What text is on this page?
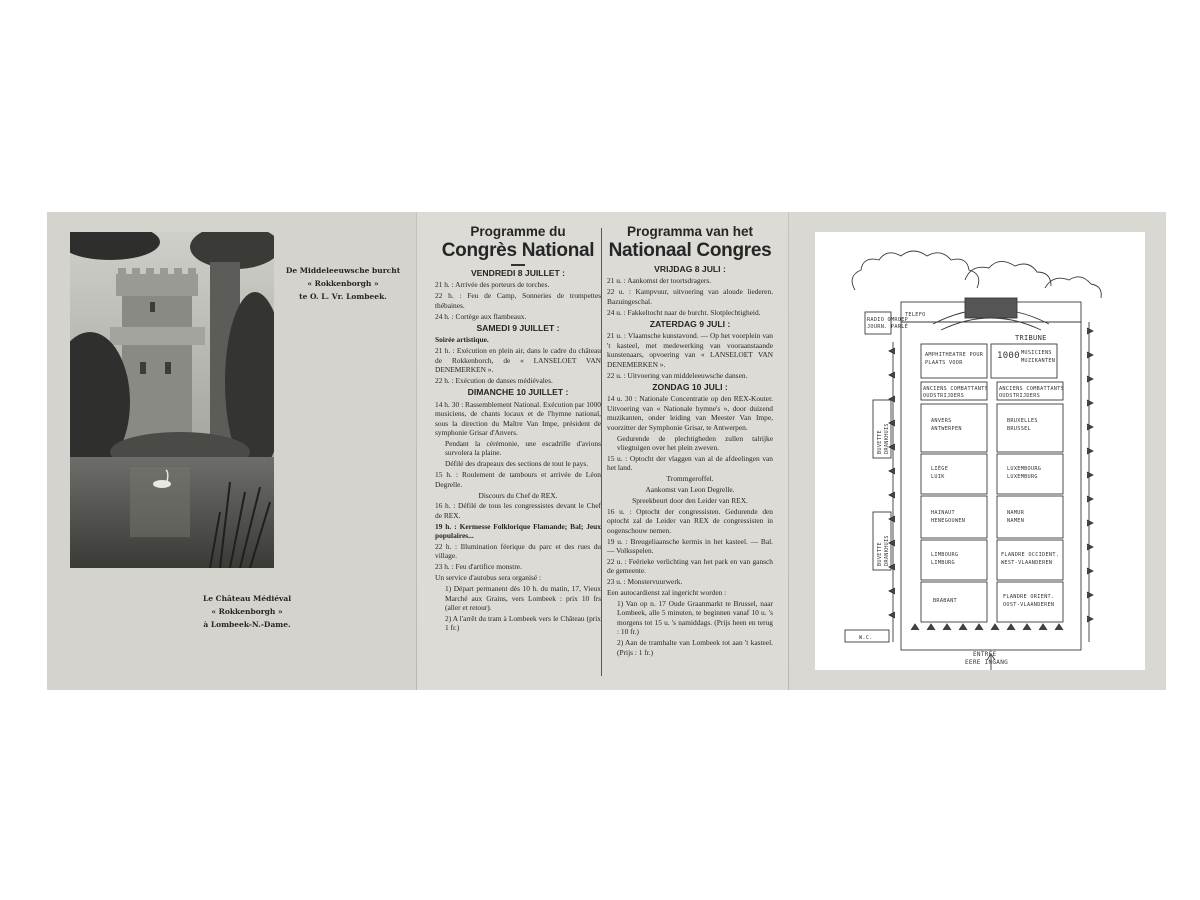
De Middeleeuwsche burcht
« Rokkenborgh »
te O. L. Vr. Lombeek.
Le Château Médiéval
« Rokkenborgh »
à Lombeek-N.-Dame.
Programme du
Congrès National
VENDREDI 8 JUILLET :
21 h. : Arrivée des porteurs de torches.
22 h. : Feu de Camp, Sonneries de trompettes thébaines.
24 h. : Cortège aux flambeaux.
SAMEDI 9 JUILLET :
Soirée artistique.
21 h. : Exécution en plein air, dans le cadre du château de Rokkenborch, de « LANSELOET VAN DENEMERKEN ».
22 h. : Exécution de danses médiévales.
DIMANCHE 10 JUILLET :
14 h. 30 : Rassemblement National. Exécution par 1000 musiciens, de chants locaux et de l'hymne national, sous la direction du Maître Van Impe, président de symphonie Grisar d'Anvers.
Pendant la cérémonie, une escadrille d'avions survolera la plaine.
Défilé des drapeaux des sections de tout le pays.
15 h. : Roulement de tambours et arrivée de Léon Degrelle.
Discours du Chef de REX.
16 h. : Défilé de tous les congressistes devant le Chef de REX.
19 h. : Kermesse Folklorique Flamande; Bal; Jeux populaires...
22 h. : Illumination féerique du parc et des rues du village.
23 h. : Feu d'artifice monstre.
Un service d'autobus sera organisé :
1) Départ permanent dès 10 h. du matin, 17, Vieux Marché aux Grains, vers Lombeek : prix 10 frs (aller et retour).
2) A l'arrêt du tram à Lombeek vers le Château (prix 1 fr.)
Programma van het
Nationaal Congres
VRIJDAG 8 JULI :
21 u. : Aankomst der toortsdragers.
22 u. : Kampvuur, uitvoering van aloude liederen. Bazuingeschal.
24 u. : Fakkeltocht naar de burcht. Slotplechtigheid.
ZATERDAG 9 JULI :
21 u. : Vlaamsche kunstavond. — Op het voorplein van 't kasteel, met medewerking van vooraanstaande kunstenaars, opvoering van « LANSELOET VAN DENEMERKEN ».
22 u. : Uitvoering van middeleeuwsche dansen.
ZONDAG 10 JULI :
14 u. 30 : Nationale Concentratie op den REX-Kouter. Uitvoering van « Nationale hymne's », door duizend muzikanten, onder leiding van Meester Van Impe, voorzitter der Symphonie Grisar, te Antwerpen.
Gedurende de plechtigheden zullen talrijke vliegtuigen over het plein zweven.
15 u. : Optocht der vlaggen van al de afdeelingen van het land.
Trommgeroffel.
Aankomst van Leon Degrelle.
Spreekbeurt door den Leider van REX.
16 u. : Optocht der congressisten. Gedurende den optocht zal de Leider van REX de congressisten in oogenschouw nemen.
19 u. : Breugeliaansche kermis in het kasteel. — Bal. — Volksspelen.
22 u. : Feërieke verlichting van het park en van gansch de gemeente.
23 u. : Monstervuurwerk.
Een autocardienst zal ingericht worden :
1) Van op n. 17 Oude Graanmarkt te Brussel, naar Lombeek, alle 5 minuten, te beginnen vanaf 10 u. 's morgens tot 15 u. 's namiddags. (Prijs heen en terug : 10 fr.)
2) Aan de tramhalte van Lombeek tot aan 't kasteel. (Prijs : 1 fr.)
RADIO OMROEP
JOURN. PARLÉ
TELEFO
TRIBUNE
AMPHITHEATRE POUR
PLAATS VOOR
1000 MUSICIENS
MUZIKANTEN
ANCIENS COMBATTANTS
OUDSTRIJDERS
ANCIENS COMBATTANTS
OUDSTRIJDERS
ANVERS
ANTWERPEN
BRUXELLES
BRUSSEL
LIÈGE
LUIK
LUXEMBOURG
LUXEMBURG
HAINAUT
HENEGOUWEN
NAMUR
NAMEN
LIMBOURG
LIMBURG
FLANDRE OCCIDENT.
WEST-VLAANDEREN
BRABANT
FLANDRE ORIENT.
OOST-VLAANDEREN
BUVETTE DRANKHUIS
BUVETTE DRANKHUIS
W.C.
ENTRÉE
EERE INGANG
